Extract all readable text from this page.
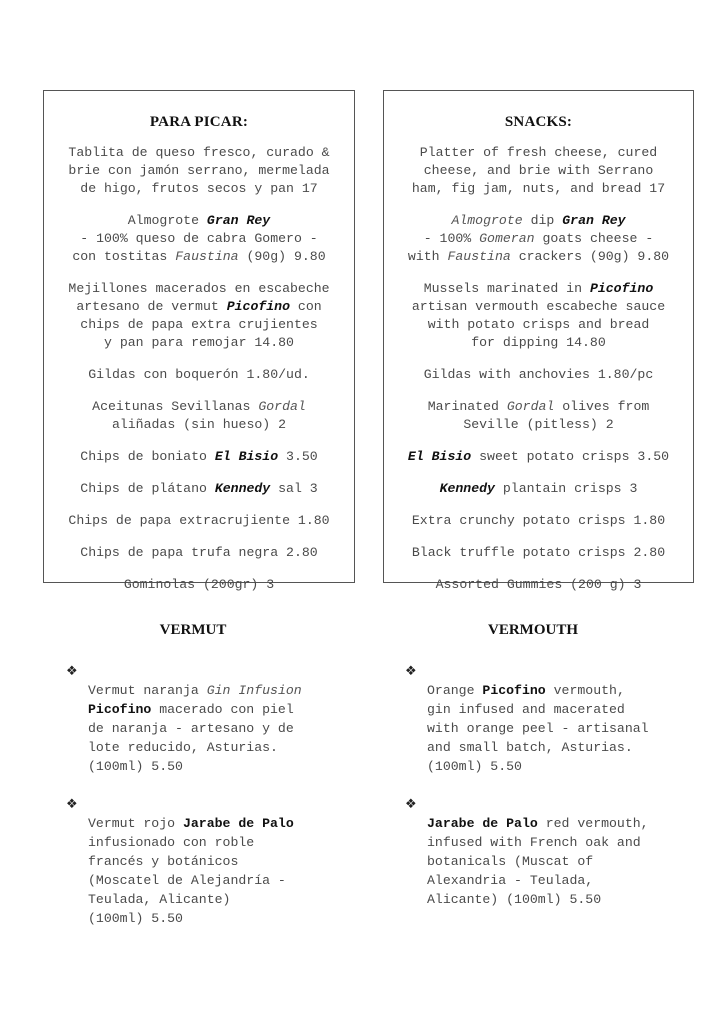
PARA PICAR:
Tablita de queso fresco, curado &
brie con jamón serrano, mermelada
de higo, frutos secos y pan 17
Almogrote Gran Rey
- 100% queso de cabra Gomero -
con tostitas Faustina (90g) 9.80
Mejillones macerados en escabeche
artesano de vermut Picofino con
chips de papa extra crujientes
y pan para remojar 14.80
Gildas con boquerón 1.80/ud.
Aceitunas Sevillanas Gordal
aliñadas (sin hueso) 2
Chips de boniato El Bisio 3.50
Chips de plátano Kennedy sal 3
Chips de papa extracrujiente 1.80
Chips de papa trufa negra 2.80
Gominolas (200gr) 3
SNACKS:
Platter of fresh cheese, cured
cheese, and brie with Serrano
ham, fig jam, nuts, and bread 17
Almogrote dip Gran Rey
- 100% Gomeran goats cheese -
with Faustina crackers (90g) 9.80
Mussels marinated in Picofino
artisan vermouth escabeche sauce
with potato crisps and bread
for dipping 14.80
Gildas with anchovies 1.80/pc
Marinated Gordal olives from
Seville (pitless) 2
El Bisio sweet potato crisps 3.50
Kennedy plantain crisps 3
Extra crunchy potato crisps 1.80
Black truffle potato crisps 2.80
Assorted Gummies (200 g) 3
VERMUT	VERMOUTH

❖
Vermut naranja Gin Infusion
Picofino macerado con piel
de naranja - artesano y de
lote reducido, Asturias.
(100ml) 5.50

❖
Vermut rojo Jarabe de Palo
infusionado con roble
francés y botánicos
(Moscatel de Alejandría -
Teulada, Alicante)
(100ml) 5.50

❖
Orange Picofino vermouth,
gin infused and macerated
with orange peel - artisanal
and small batch, Asturias.
(100ml) 5.50

❖
Jarabe de Palo red vermouth,
infused with French oak and
botanicals (Muscat of
Alexandria - Teulada,
Alicante) (100ml) 5.50
